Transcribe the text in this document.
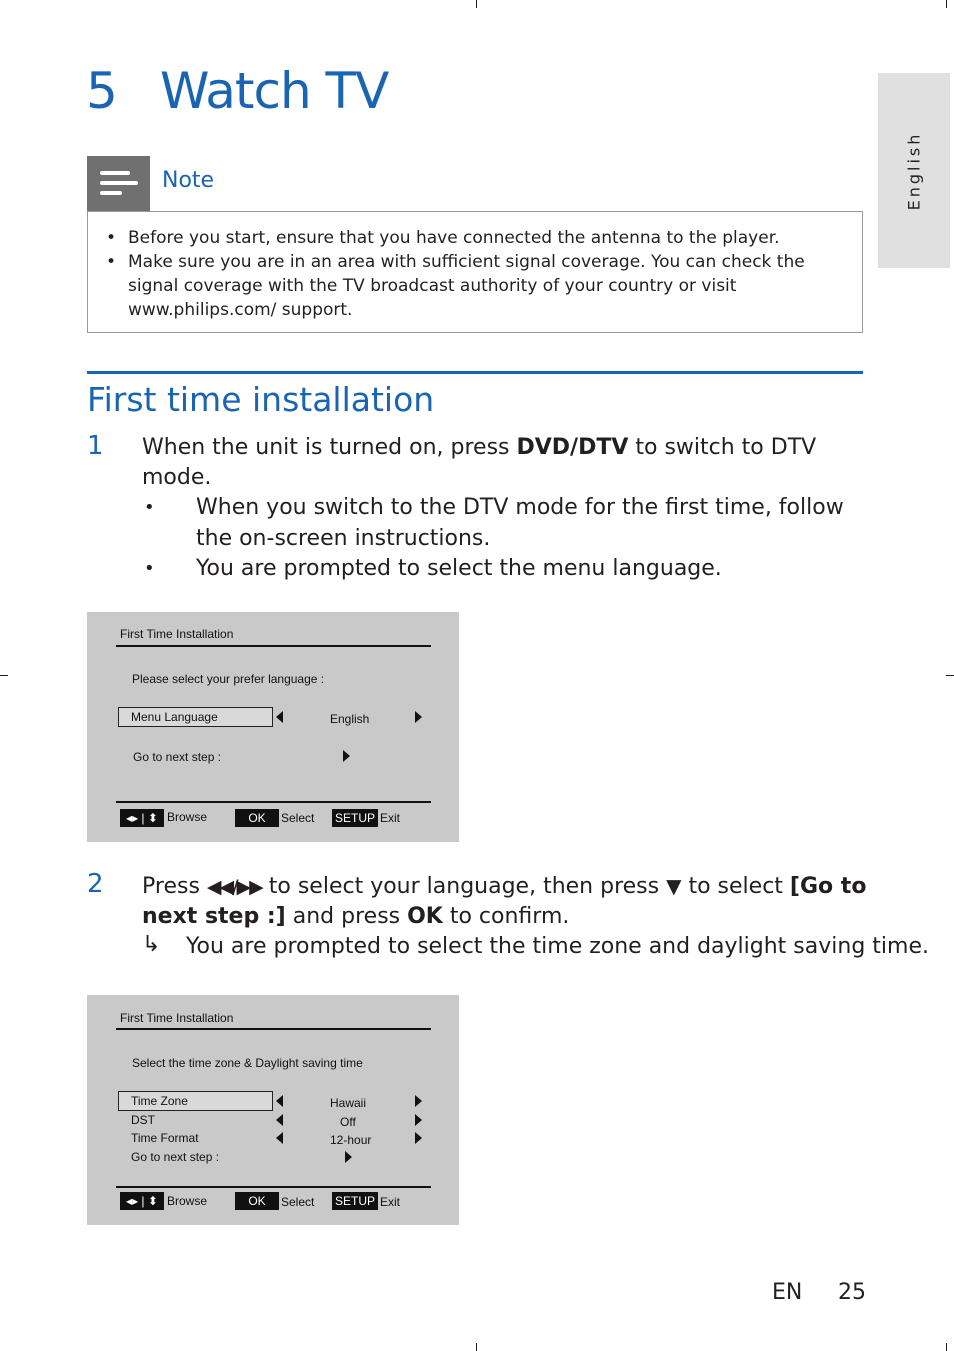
5 Watch TV
English
Note
• Before you start, ensure that you have connected the antenna to the player.
• Make sure you are in an area with sufficient signal coverage. You can check the signal coverage with the TV broadcast authority of your country or visit www.philips.com/ support.
First time installation
1 When the unit is turned on, press DVD/DTV to switch to DTV
mode.
• When you switch to the DTV mode for the first time, follow
the on-screen instructions.
• You are prompted to select the menu language.
First Time Installation
Please select your prefer language :
Menu Language	English
Go to next step :
◂▸ | ⬍ Browse	OK	Select SETUP Exit
2 Press ◀◀/▶▶ to select your language, then press ▼ to select [Go to
next step :] and press OK to confirm.
↳ You are prompted to select the time zone and daylight saving time.
First Time Installation
Select the time zone & Daylight saving time
Time Zone	Hawaii
DST	Off
Time Format	12-hour
Go to next step :
◂▸ | ⬍ Browse	OK	Select SETUP Exit
EN 25
